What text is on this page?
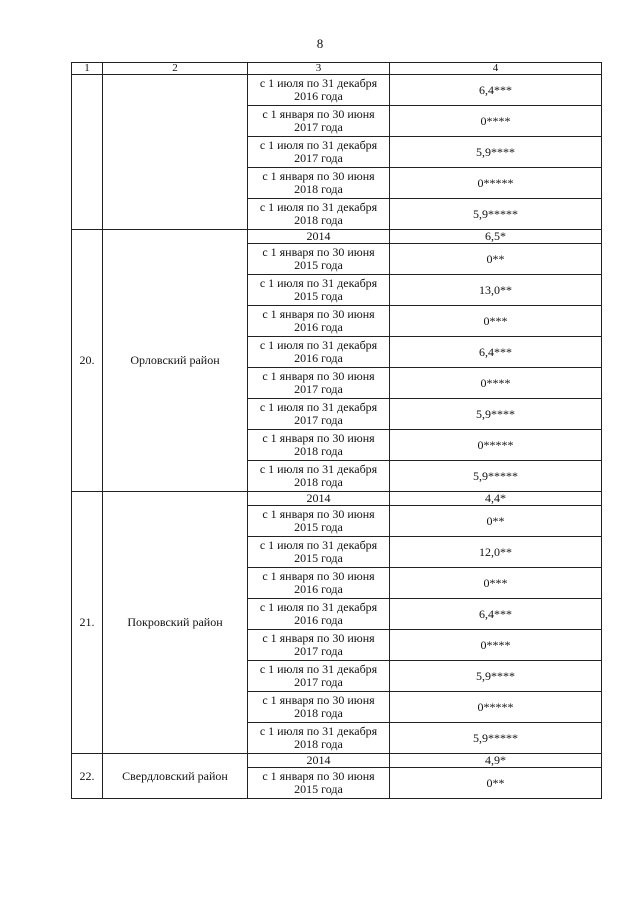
8
1	2	3	4

		с 1 июля по 31 декабря
2016 года	6,4***

		с 1 января по 30 июня
2017 года	0****

		с 1 июля по 31 декабря
2017 года	5,9****

		с 1 января по 30 июня
2018 года	0*****

		с 1 июля по 31 декабря
2018 года	5,9*****
20.	Орловский район	2014	6,5*

		с 1 января по 30 июня
2015 года	0**

		с 1 июля по 31 декабря
2015 года	13,0**

		с 1 января по 30 июня
2016 года	0***

		с 1 июля по 31 декабря
2016 года	6,4***

		с 1 января по 30 июня
2017 года	0****

		с 1 июля по 31 декабря
2017 года	5,9****

		с 1 января по 30 июня
2018 года	0*****

		с 1 июля по 31 декабря
2018 года	5,9*****
21.	Покровский район	2014	4,4*

		с 1 января по 30 июня
2015 года	0**

		с 1 июля по 31 декабря
2015 года	12,0**

		с 1 января по 30 июня
2016 года	0***

		с 1 июля по 31 декабря
2016 года	6,4***

		с 1 января по 30 июня
2017 года	0****

		с 1 июля по 31 декабря
2017 года	5,9****

		с 1 января по 30 июня
2018 года	0*****

		с 1 июля по 31 декабря
2018 года	5,9*****
22.	Свердловский район	2014	4,9*

		с 1 января по 30 июня
2015 года	0**
